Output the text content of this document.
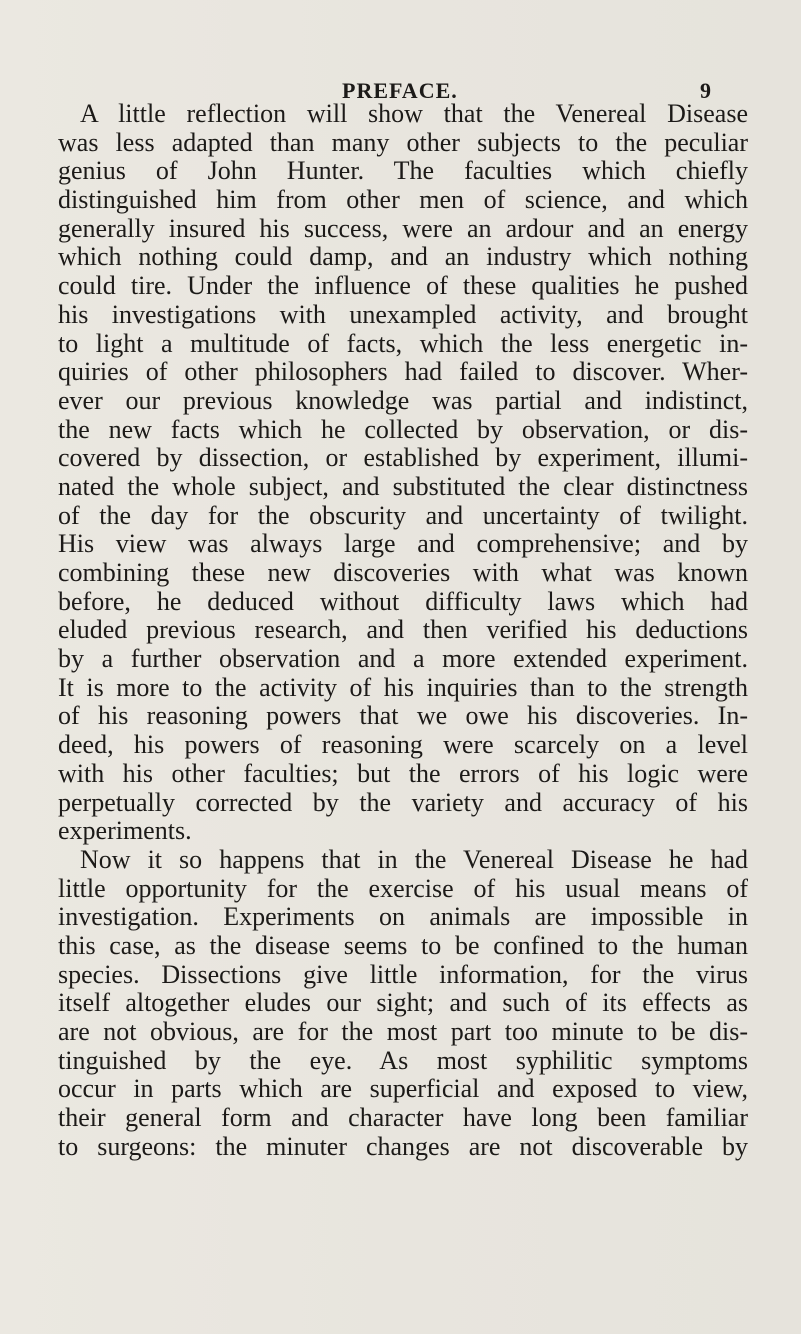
PREFACE.	9
A little reflection will show that the Venereal Disease
was less adapted than many other subjects to the peculiar
genius of John Hunter. The faculties which chiefly
distinguished him from other men of science, and which
generally insured his success, were an ardour and an energy
which nothing could damp, and an industry which nothing
could tire. Under the influence of these qualities he pushed
his investigations with unexampled activity, and brought
to light a multitude of facts, which the less energetic in-
quiries of other philosophers had failed to discover. Wher-
ever our previous knowledge was partial and indistinct,
the new facts which he collected by observation, or dis-
covered by dissection, or established by experiment, illumi-
nated the whole subject, and substituted the clear distinctness
of the day for the obscurity and uncertainty of twilight.
His view was always large and comprehensive; and by
combining these new discoveries with what was known
before, he deduced without difficulty laws which had
eluded previous research, and then verified his deductions
by a further observation and a more extended experiment.
It is more to the activity of his inquiries than to the strength
of his reasoning powers that we owe his discoveries. In-
deed, his powers of reasoning were scarcely on a level
with his other faculties; but the errors of his logic were
perpetually corrected by the variety and accuracy of his
experiments.
Now it so happens that in the Venereal Disease he had
little opportunity for the exercise of his usual means of
investigation. Experiments on animals are impossible in
this case, as the disease seems to be confined to the human
species. Dissections give little information, for the virus
itself altogether eludes our sight; and such of its effects as
are not obvious, are for the most part too minute to be dis-
tinguished by the eye. As most syphilitic symptoms
occur in parts which are superficial and exposed to view,
their general form and character have long been familiar
to surgeons: the minuter changes are not discoverable by
